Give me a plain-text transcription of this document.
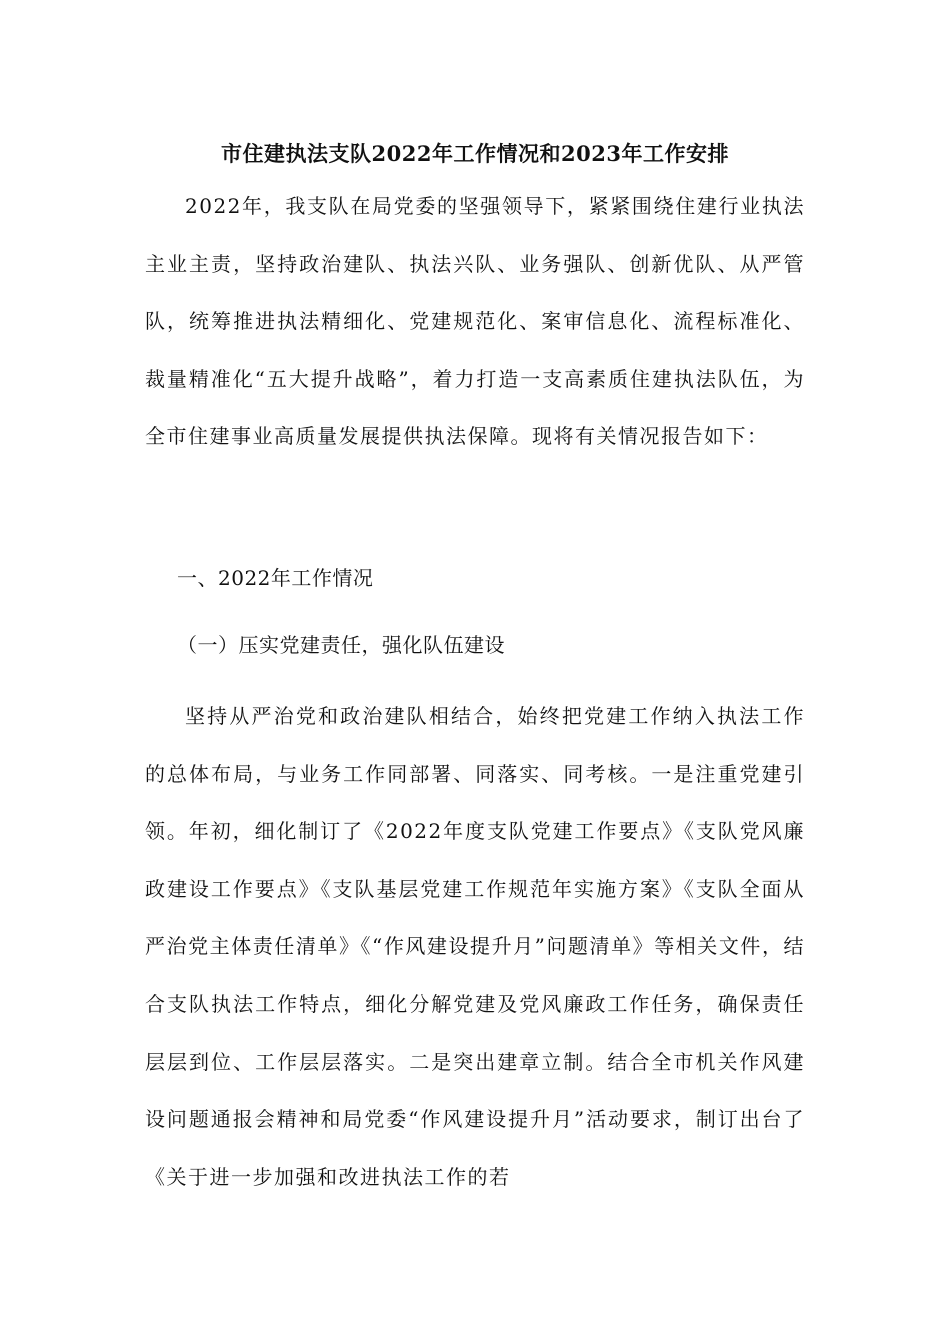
市住建执法支队2022年工作情况和2023年工作安排

2022年，我支队在局党委的坚强领导下，紧紧围绕住建行业执法主业主责，坚持政治建队、执法兴队、业务强队、创新优队、从严管队，统筹推进执法精细化、党建规范化、案审信息化、流程标准化、裁量精准化“五大提升战略”，着力打造一支高素质住建执法队伍，为全市住建事业高质量发展提供执法保障。现将有关情况报告如下：

一、2022年工作情况

（一）压实党建责任，强化队伍建设

坚持从严治党和政治建队相结合，始终把党建工作纳入执法工作的总体布局，与业务工作同部署、同落实、同考核。一是注重党建引领。年初，细化制订了《2022年度支队党建工作要点》《支队党风廉政建设工作要点》《支队基层党建工作规范年实施方案》《支队全面从严治党主体责任清单》《“作风建设提升月”问题清单》等相关文件，结合支队执法工作特点，细化分解党建及党风廉政工作任务，确保责任层层到位、工作层层落实。二是突出建章立制。结合全市机关作风建设问题通报会精神和局党委“作风建设提升月”活动要求，制订出台了《关于进一步加强和改进执法工作的若
